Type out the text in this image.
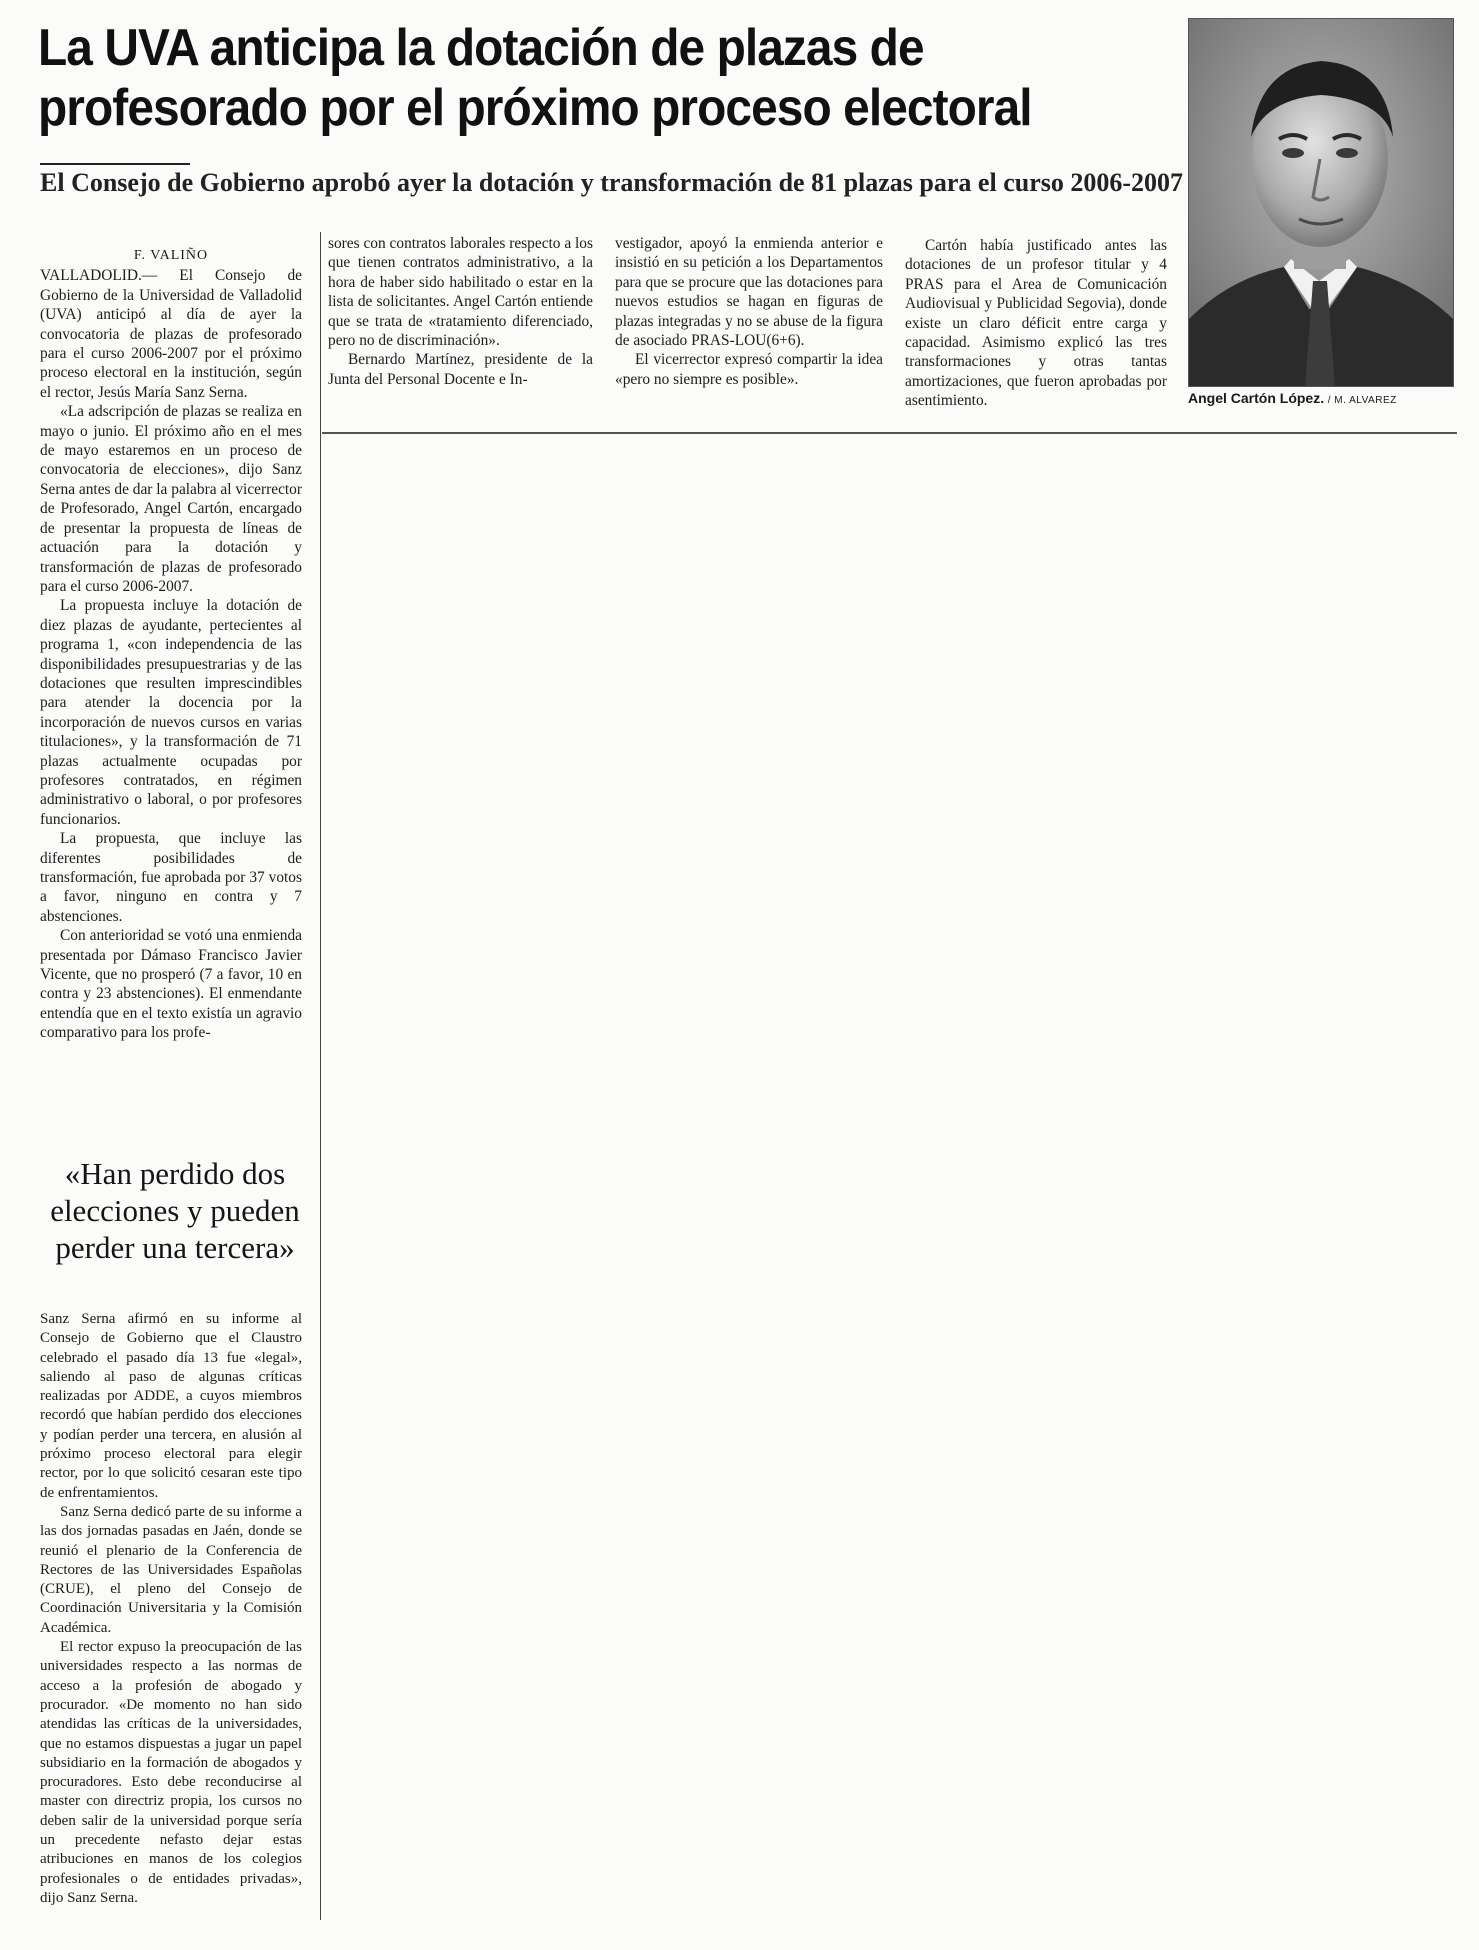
La UVA anticipa la dotación de plazas de profesorado por el próximo proceso electoral
El Consejo de Gobierno aprobó ayer la dotación y transformación de 81 plazas para el curso 2006-2007
F. VALIÑO

VALLADOLID.— El Consejo de Gobierno de la Universidad de Valladolid (UVA) anticipó al día de ayer la convocatoria de plazas de profesorado para el curso 2006-2007 por el próximo proceso electoral en la institución, según el rector, Jesús María Sanz Serna.

«La adscripción de plazas se realiza en mayo o junio. El próximo año en el mes de mayo estaremos en un proceso de convocatoria de elecciones», dijo Sanz Serna antes de dar la palabra al vicerrector de Profesorado, Angel Cartón, encargado de presentar la propuesta de líneas de actuación para la dotación y transformación de plazas de profesorado para el curso 2006-2007.

La propuesta incluye la dotación de diez plazas de ayudante, pertecientes al programa 1, «con independencia de las disponibilidades presupuestrarias y de las dotaciones que resulten imprescindibles para atender la docencia por la incorporación de nuevos cursos en varias titulaciones», y la transformación de 71 plazas actualmente ocupadas por profesores contratados, en régimen administrativo o laboral, o por profesores funcionarios.

La propuesta, que incluye las diferentes posibilidades de transformación, fue aprobada por 37 votos a favor, ninguno en contra y 7 abstenciones.

Con anterioridad se votó una enmienda presentada por Dámaso Francisco Javier Vicente, que no prosperó (7 a favor, 10 en contra y 23 abstenciones). El enmendante entendía que en el texto existía un agravio comparativo para los profe-

sores con contratos laborales respecto a los que tienen contratos administrativo, a la hora de haber sido habilitado o estar en la lista de solicitantes. Angel Cartón entiende que se trata de «tratamiento diferenciado, pero no de discriminación».

Bernardo Martínez, presidente de la Junta del Personal Docente e In-

vestigador, apoyó la enmienda anterior e insistió en su petición a los Departamentos para que se procure que las dotaciones para nuevos estudios se hagan en figuras de plazas integradas y no se abuse de la figura de asociado PRAS-LOU(6+6).

El vicerrector expresó compartir la idea «pero no siempre es posible».

Cartón había justificado antes las dotaciones de un profesor titular y 4 PRAS para el Area de Comunicación Audiovisual y Publicidad Segovia), donde existe un claro déficit entre carga y capacidad. Asimismo explicó las tres transformaciones y otras tantas amortizaciones, que fueron aprobadas por asentimiento.

«Han perdido dos elecciones y pueden perder una tercera»

Sanz Serna afirmó en su informe al Consejo de Gobierno que el Claustro celebrado el pasado día 13 fue «legal», saliendo al paso de algunas críticas realizadas por ADDE, a cuyos miembros recordó que habían perdido dos elecciones y podían perder una tercera, en alusión al próximo proceso electoral para elegir rector, por lo que solicitó cesaran este tipo de enfrentamientos.

Sanz Serna dedicó parte de su informe a las dos jornadas pasadas en Jaén, donde se reunió el plenario de la Conferencia de Rectores de las Universidades Españolas (CRUE), el pleno del Consejo de Coordinación Universitaria y la Comisión Académica.

El rector expuso la preocupación de las universidades respecto a las normas de acceso a la profesión de abogado y procurador. «De momento no han sido atendidas las críticas de la universidades, que no estamos dispuestas a jugar un papel subsidiario en la formación de abogados y procuradores. Esto debe reconducirse al master con directriz propia, los cursos no deben salir de la universidad porque sería un precedente nefasto dejar estas atribuciones en manos de los colegios profesionales o de entidades privadas», dijo Sanz Serna.

Angel Cartón López. / M. ALVAREZ
